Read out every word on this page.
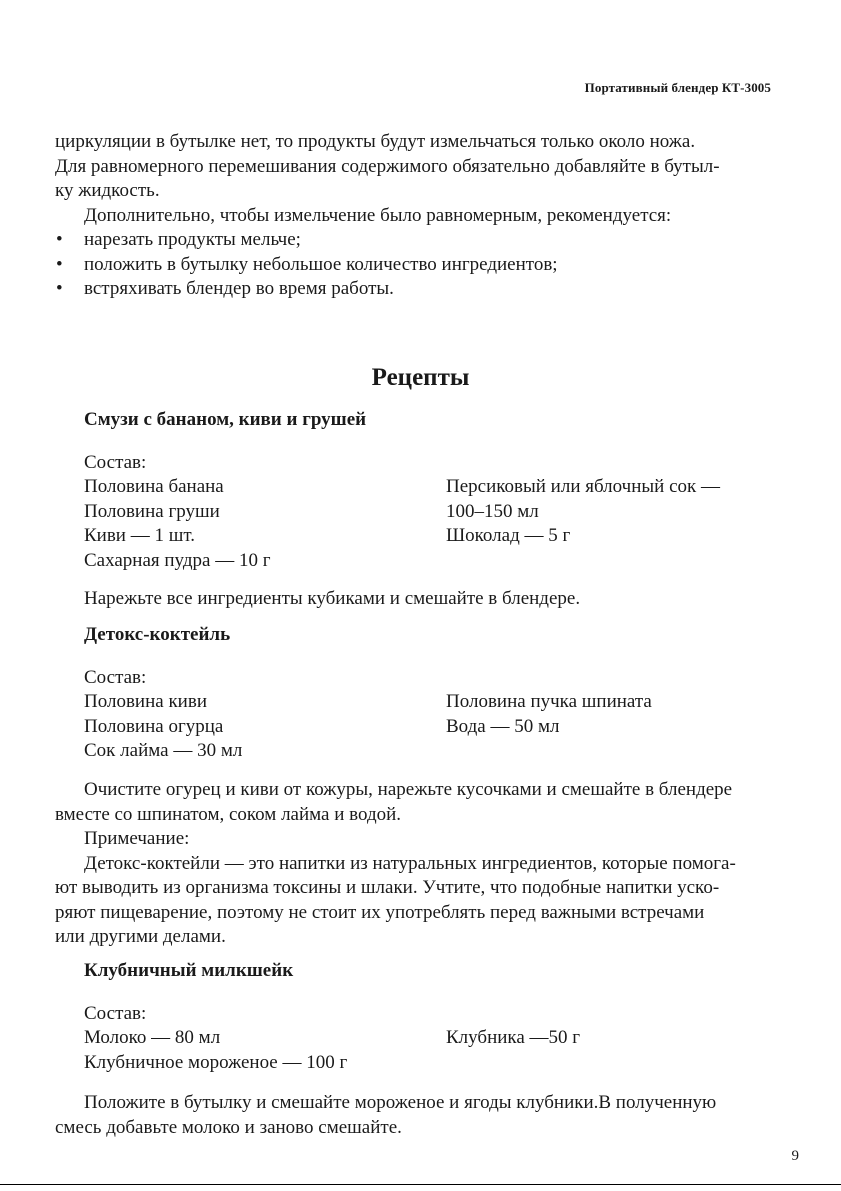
Портативный блендер КТ-3005
циркуляции в бутылке нет, то продукты будут измельчаться только около ножа.
Для равномерного перемешивания содержимого обязательно добавляйте в бутыл-
ку жидкость.
Дополнительно, чтобы измельчение было равномерным, рекомендуется:
• нарезать продукты мельче;
• положить в бутылку небольшое количество ингредиентов;
• встряхивать блендер во время работы.
Рецепты
Смузи с бананом, киви и грушей
Состав:
Половина банана
Половина груши
Киви — 1 шт.
Сахарная пудра — 10 г
Персиковый или яблочный сок —
100–150 мл
Шоколад — 5 г
Нарежьте все ингредиенты кубиками и смешайте в блендере.
Детокс-коктейль
Состав:
Половина киви
Половина огурца
Сок лайма — 30 мл
Половина пучка шпината
Вода — 50 мл
Очистите огурец и киви от кожуры, нарежьте кусочками и смешайте в блендере
вместе со шпинатом, соком лайма и водой.
Примечание:
Детокс-коктейли — это напитки из натуральных ингредиентов, которые помога-
ют выводить из организма токсины и шлаки. Учтите, что подобные напитки уско-
ряют пищеварение, поэтому не стоит их употреблять перед важными встречами
или другими делами.
Клубничный милкшейк
Состав:
Молоко — 80 мл
Клубничное мороженое — 100 г
Клубника —50 г
Положите в бутылку и смешайте мороженое и ягоды клубники.В полученную
смесь добавьте молоко и заново смешайте.
9
